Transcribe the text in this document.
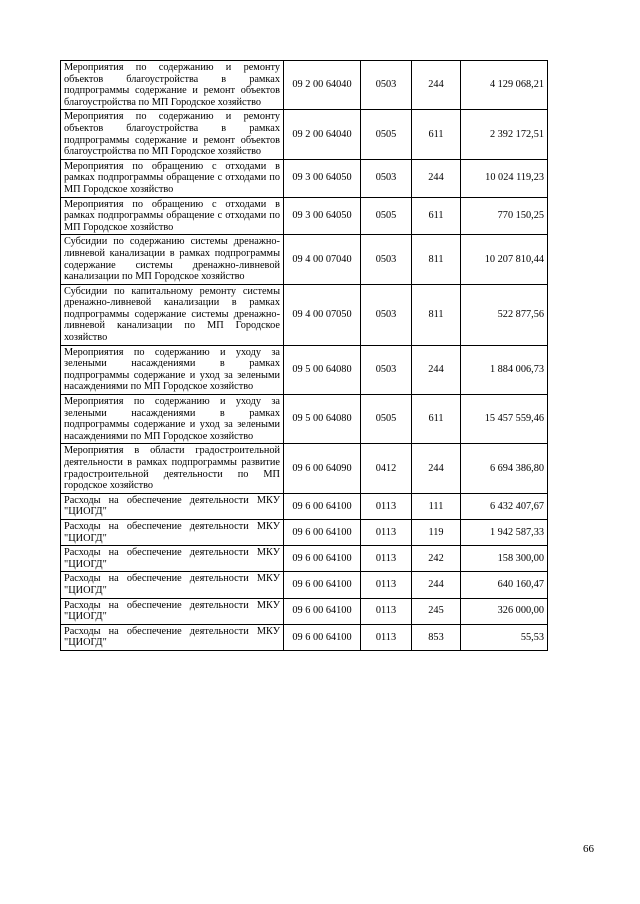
Мероприятия по содержанию и ремонту объектов благоустройства в рамках подпрограммы содержание и ремонт объектов благоустройства по МП Городское хозяйство	09 2 00 64040	0503	244	4 129 068,21
Мероприятия по содержанию и ремонту объектов благоустройства в рамках подпрограммы содержание и ремонт объектов благоустройства по МП Городское хозяйство	09 2 00 64040	0505	611	2 392 172,51
Мероприятия по обращению с отходами в рамках подпрограммы обращение с отходами по МП Городское хозяйство	09 3 00 64050	0503	244	10 024 119,23
Мероприятия по обращению с отходами в рамках подпрограммы обращение с отходами по МП Городское хозяйство	09 3 00 64050	0505	611	770 150,25
Субсидии по содержанию системы дренажно-ливневой канализации в рамках подпрограммы содержание системы дренажно-ливневой канализации по МП Городское хозяйство	09 4 00 07040	0503	811	10 207 810,44
Субсидии по капитальному ремонту системы дренажно-ливневой канализации в рамках подпрограммы содержание системы дренажно-ливневой канализации по МП Городское хозяйство	09 4 00 07050	0503	811	522 877,56
Мероприятия по содержанию и уходу за зелеными насаждениями в рамках подпрограммы содержание и уход за зелеными насаждениями по МП Городское хозяйство	09 5 00 64080	0503	244	1 884 006,73
Мероприятия по содержанию и уходу за зелеными насаждениями в рамках подпрограммы содержание и уход за зелеными насаждениями по МП Городское хозяйство	09 5 00 64080	0505	611	15 457 559,46
Мероприятия в области градостроительной деятельности в рамках подпрограммы развитие градостроительной деятельности по МП городское хозяйство	09 6 00 64090	0412	244	6 694 386,80
Расходы на обеспечение деятельности МКУ "ЦИОГД"	09 6 00 64100	0113	111	6 432 407,67
Расходы на обеспечение деятельности МКУ "ЦИОГД"	09 6 00 64100	0113	119	1 942 587,33
Расходы на обеспечение деятельности МКУ "ЦИОГД"	09 6 00 64100	0113	242	158 300,00
Расходы на обеспечение деятельности МКУ "ЦИОГД"	09 6 00 64100	0113	244	640 160,47
Расходы на обеспечение деятельности МКУ "ЦИОГД"	09 6 00 64100	0113	245	326 000,00
Расходы на обеспечение деятельности МКУ "ЦИОГД"	09 6 00 64100	0113	853	55,53
66
